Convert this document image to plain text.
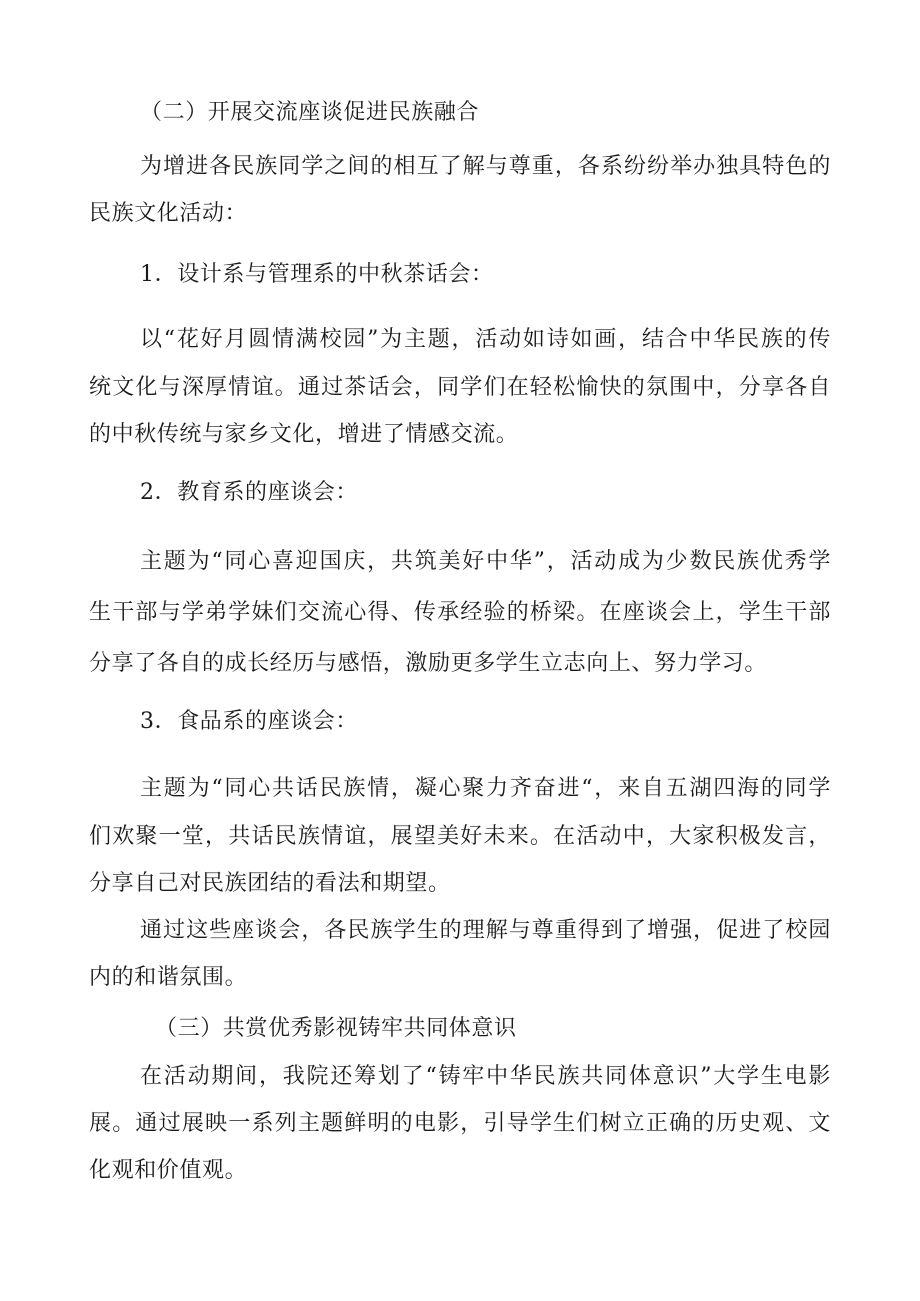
（二）开展交流座谈促进民族融合
为增进各民族同学之间的相互了解与尊重，各系纷纷举办独具特色的
民族文化活动：
1．设计系与管理系的中秋茶话会：
以“花好月圆情满校园”为主题，活动如诗如画，结合中华民族的传
统文化与深厚情谊。通过茶话会，同学们在轻松愉快的氛围中，分享各自
的中秋传统与家乡文化，增进了情感交流。
2．教育系的座谈会：
主题为“同心喜迎国庆，共筑美好中华”，活动成为少数民族优秀学
生干部与学弟学妹们交流心得、传承经验的桥梁。在座谈会上，学生干部
分享了各自的成长经历与感悟，激励更多学生立志向上、努力学习。
3．食品系的座谈会：
主题为“同心共话民族情，凝心聚力齐奋进“，来自五湖四海的同学
们欢聚一堂，共话民族情谊，展望美好未来。在活动中，大家积极发言，
分享自己对民族团结的看法和期望。
通过这些座谈会，各民族学生的理解与尊重得到了增强，促进了校园
内的和谐氛围。
（三）共赏优秀影视铸牢共同体意识
在活动期间，我院还筹划了“铸牢中华民族共同体意识”大学生电影
展。通过展映一系列主题鲜明的电影，引导学生们树立正确的历史观、文
化观和价值观。
